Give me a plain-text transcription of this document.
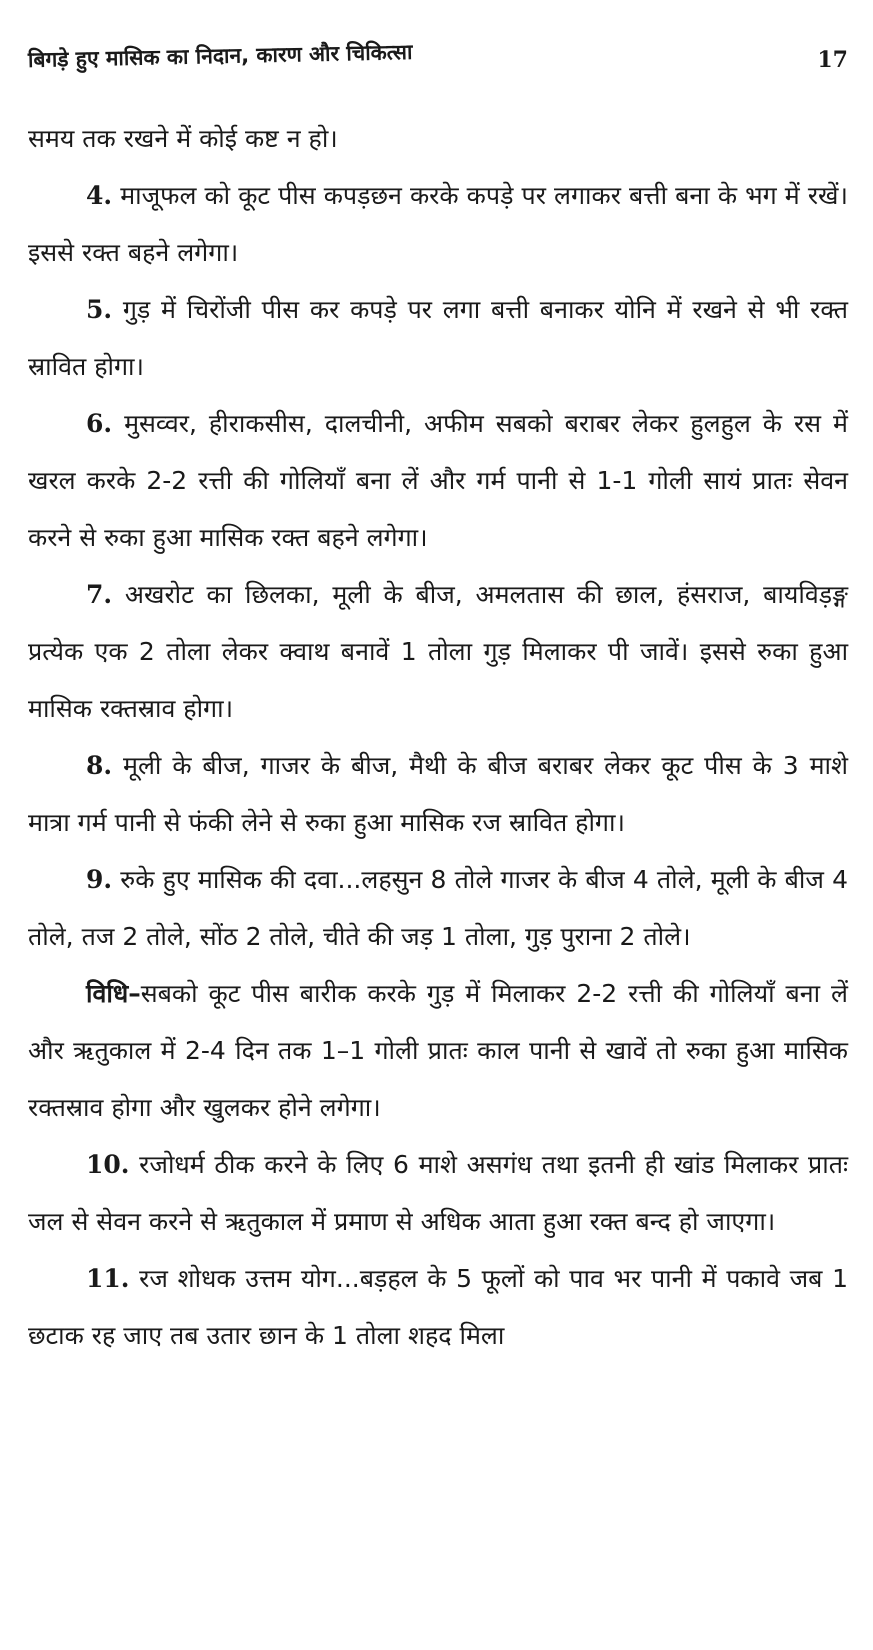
बिगड़े हुए मासिक का निदान, कारण और चिकित्सा	17

समय तक रखने में कोई कष्ट न हो।

4. माजूफल को कूट पीस कपड़छन करके कपड़े पर लगाकर बत्ती बना के भग में रखें। इससे रक्त बहने लगेगा।

5. गुड़ में चिरोंजी पीस कर कपड़े पर लगा बत्ती बनाकर योनि में रखने से भी रक्त स्रावित होगा।

6. मुसव्वर, हीराकसीस, दालचीनी, अफीम सबको बराबर लेकर हुलहुल के रस में खरल करके 2-2 रत्ती की गोलियाँ बना लें और गर्म पानी से 1-1 गोली सायं प्रातः सेवन करने से रुका हुआ मासिक रक्त बहने लगेगा।

7. अखरोट का छिलका, मूली के बीज, अमलतास की छाल, हंसराज, बायविड़ङ्ग प्रत्येक एक 2 तोला लेकर क्वाथ बनावें 1 तोला गुड़ मिलाकर पी जावें। इससे रुका हुआ मासिक रक्तस्राव होगा।

8. मूली के बीज, गाजर के बीज, मैथी के बीज बराबर लेकर कूट पीस के 3 माशे मात्रा गर्म पानी से फंकी लेने से रुका हुआ मासिक रज स्रावित होगा।

9. रुके हुए मासिक की दवा...लहसुन 8 तोले गाजर के बीज 4 तोले, मूली के बीज 4 तोले, तज 2 तोले, सोंठ 2 तोले, चीते की जड़ 1 तोला, गुड़ पुराना 2 तोले।

विधि–सबको कूट पीस बारीक करके गुड़ में मिलाकर 2-2 रत्ती की गोलियाँ बना लें और ऋतुकाल में 2-4 दिन तक 1–1 गोली प्रातः काल पानी से खावें तो रुका हुआ मासिक रक्तस्राव होगा और खुलकर होने लगेगा।

10. रजोधर्म ठीक करने के लिए 6 माशे असगंध तथा इतनी ही खांड मिलाकर प्रातः जल से सेवन करने से ऋतुकाल में प्रमाण से अधिक आता हुआ रक्त बन्द हो जाएगा।

11. रज शोधक उत्तम योग...बड़हल के 5 फूलों को पाव भर पानी में पकावे जब 1 छटाक रह जाए तब उतार छान के 1 तोला शहद मिला
